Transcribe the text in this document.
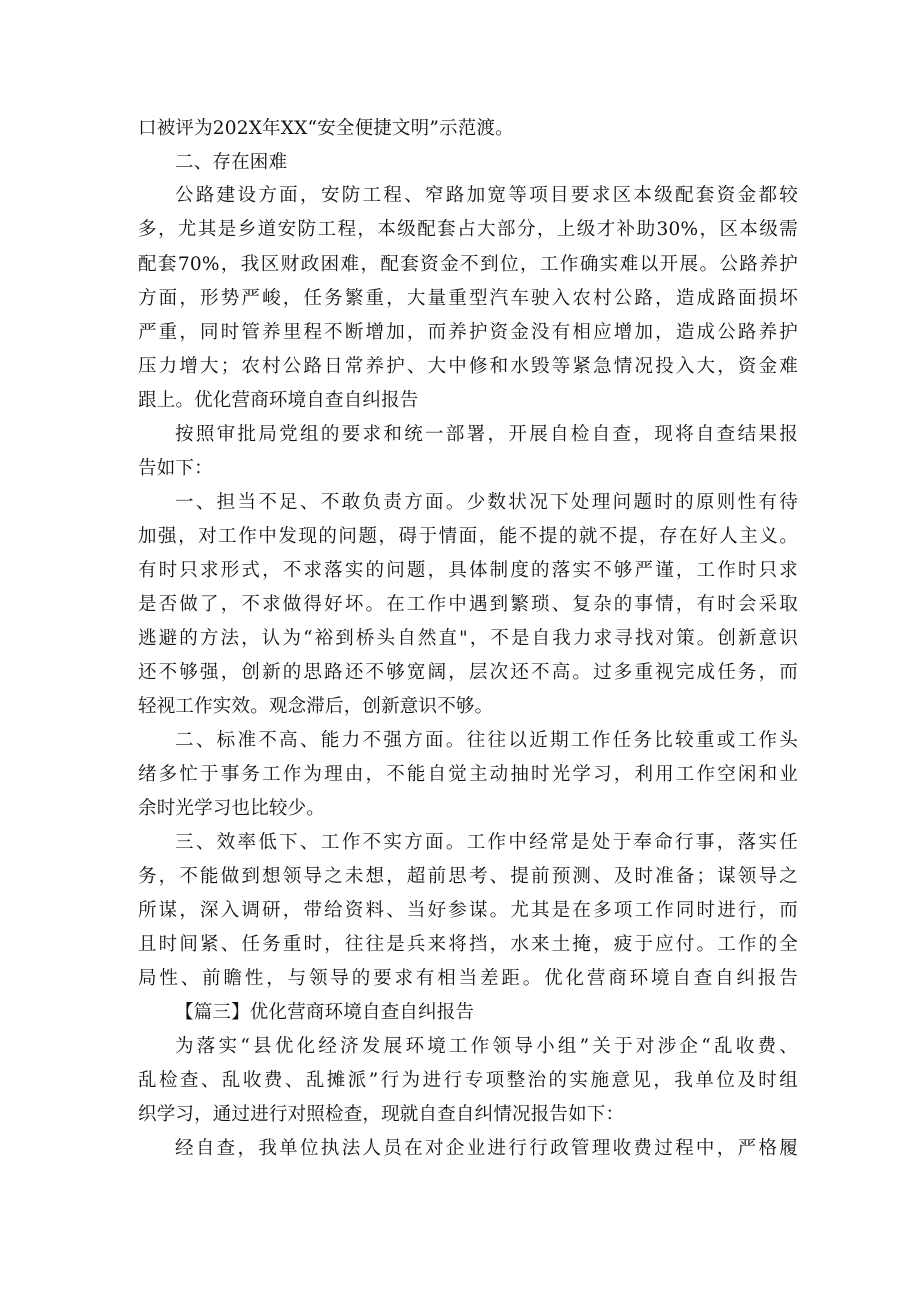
口被评为202X年XX“安全便捷文明”示范渡。
二、存在困难
公路建设方面，安防工程、窄路加宽等项目要求区本级配套资金都较
多，尤其是乡道安防工程，本级配套占大部分，上级才补助30%，区本级需
配套70%，我区财政困难，配套资金不到位，工作确实难以开展。公路养护
方面，形势严峻，任务繁重，大量重型汽车驶入农村公路，造成路面损坏
严重，同时管养里程不断增加，而养护资金没有相应增加，造成公路养护
压力增大；农村公路日常养护、大中修和水毁等紧急情况投入大，资金难
跟上。优化营商环境自查自纠报告
按照审批局党组的要求和统一部署，开展自检自查，现将自查结果报
告如下：
一、担当不足、不敢负责方面。少数状况下处理问题时的原则性有待
加强，对工作中发现的问题，碍于情面，能不提的就不提，存在好人主义。
有时只求形式，不求落实的问题，具体制度的落实不够严谨，工作时只求
是否做了，不求做得好坏。在工作中遇到繁琐、复杂的事情，有时会采取
逃避的方法，认为“裕到桥头自然直"，不是自我力求寻找对策。创新意识
还不够强，创新的思路还不够宽阔，层次还不高。过多重视完成任务，而
轻视工作实效。观念滞后，创新意识不够。
二、标准不高、能力不强方面。往往以近期工作任务比较重或工作头
绪多忙于事务工作为理由，不能自觉主动抽时光学习，利用工作空闲和业
余时光学习也比较少。
三、效率低下、工作不实方面。工作中经常是处于奉命行事，落实任
务，不能做到想领导之未想，超前思考、提前预测、及时准备；谋领导之
所谋，深入调研，带给资料、当好参谋。尤其是在多项工作同时进行，而
且时间紧、任务重时，往往是兵来将挡，水来土掩，疲于应付。工作的全
局性、前瞻性，与领导的要求有相当差距。优化营商环境自查自纠报告
【篇三】优化营商环境自查自纠报告
为落实“县优化经济发展环境工作领导小组”关于对涉企“乱收费、
乱检查、乱收费、乱摊派”行为进行专项整治的实施意见，我单位及时组
织学习，通过进行对照检查，现就自查自纠情况报告如下：
经自查，我单位执法人员在对企业进行行政管理收费过程中，严格履
